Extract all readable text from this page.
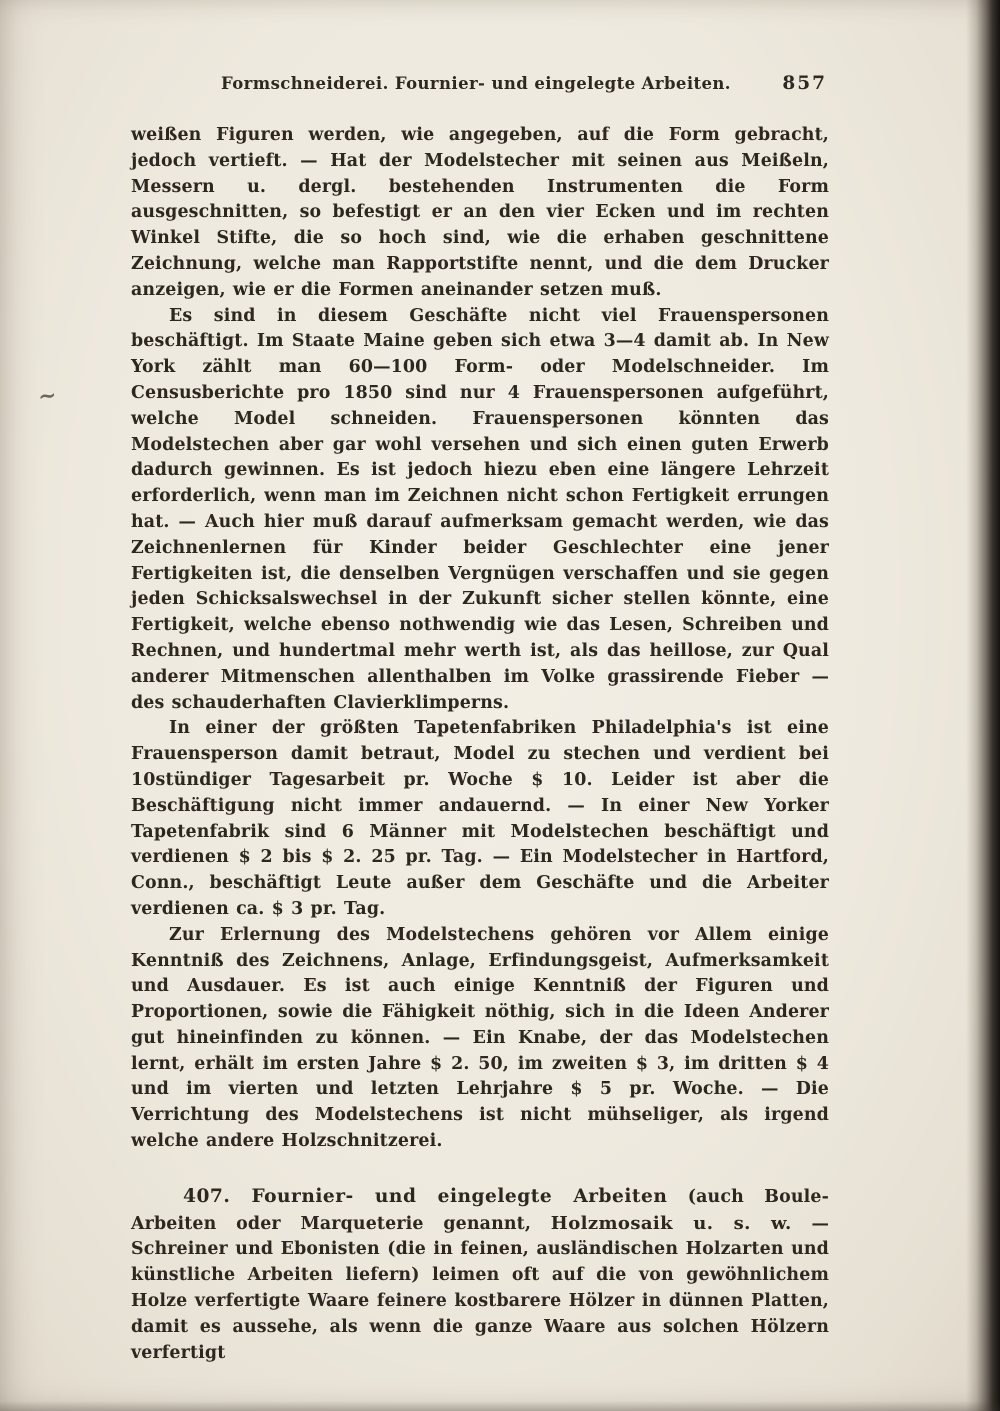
~
Formschneiderei. Fournier- und eingelegte Arbeiten.	857

weißen Figuren werden, wie angegeben, auf die Form gebracht, jedoch vertieft. — Hat der Modelstecher mit seinen aus Meißeln, Messern u. dergl. bestehenden Instrumenten die Form ausgeschnitten, so befestigt er an den vier Ecken und im rechten Winkel Stifte, die so hoch sind, wie die erhaben geschnittene Zeichnung, welche man Rapportstifte nennt, und die dem Drucker anzeigen, wie er die Formen aneinander setzen muß.

Es sind in diesem Geschäfte nicht viel Frauenspersonen beschäftigt. Im Staate Maine geben sich etwa 3—4 damit ab. In New York zählt man 60—100 Form- oder Modelschneider. Im Censusberichte pro 1850 sind nur 4 Frauenspersonen aufgeführt, welche Model schneiden. Frauenspersonen könnten das Modelstechen aber gar wohl versehen und sich einen guten Erwerb dadurch gewinnen. Es ist jedoch hiezu eben eine längere Lehrzeit erforderlich, wenn man im Zeichnen nicht schon Fertigkeit errungen hat. — Auch hier muß darauf aufmerksam gemacht werden, wie das Zeichnenlernen für Kinder beider Geschlechter eine jener Fertigkeiten ist, die denselben Vergnügen verschaffen und sie gegen jeden Schicksalswechsel in der Zukunft sicher stellen könnte, eine Fertigkeit, welche ebenso nothwendig wie das Lesen, Schreiben und Rechnen, und hundertmal mehr werth ist, als das heillose, zur Qual anderer Mitmenschen allenthalben im Volke grassirende Fieber — des schauderhaften Clavierklimperns.

In einer der größten Tapetenfabriken Philadelphia's ist eine Frauensperson damit betraut, Model zu stechen und verdient bei 10stündiger Tagesarbeit pr. Woche $ 10. Leider ist aber die Beschäftigung nicht immer andauernd. — In einer New Yorker Tapetenfabrik sind 6 Männer mit Modelstechen beschäftigt und verdienen $ 2 bis $ 2. 25 pr. Tag. — Ein Modelstecher in Hartford, Conn., beschäftigt Leute außer dem Geschäfte und die Arbeiter verdienen ca. $ 3 pr. Tag.

Zur Erlernung des Modelstechens gehören vor Allem einige Kenntniß des Zeichnens, Anlage, Erfindungsgeist, Aufmerksamkeit und Ausdauer. Es ist auch einige Kenntniß der Figuren und Proportionen, sowie die Fähigkeit nöthig, sich in die Ideen Anderer gut hineinfinden zu können. — Ein Knabe, der das Modelstechen lernt, erhält im ersten Jahre $ 2. 50, im zweiten $ 3, im dritten $ 4 und im vierten und letzten Lehrjahre $ 5 pr. Woche. — Die Verrichtung des Modelstechens ist nicht mühseliger, als irgend welche andere Holzschnitzerei.

407. Fournier- und eingelegte Arbeiten (auch Boule-Arbeiten oder Marqueterie genannt, Holzmosaik u. s. w. — Schreiner und Ebonisten (die in feinen, ausländischen Holzarten und künstliche Arbeiten liefern) leimen oft auf die von gewöhnlichem Holze verfertigte Waare feinere kostbarere Hölzer in dünnen Platten, damit es aussehe, als wenn die ganze Waare aus solchen Hölzern verfertigt
